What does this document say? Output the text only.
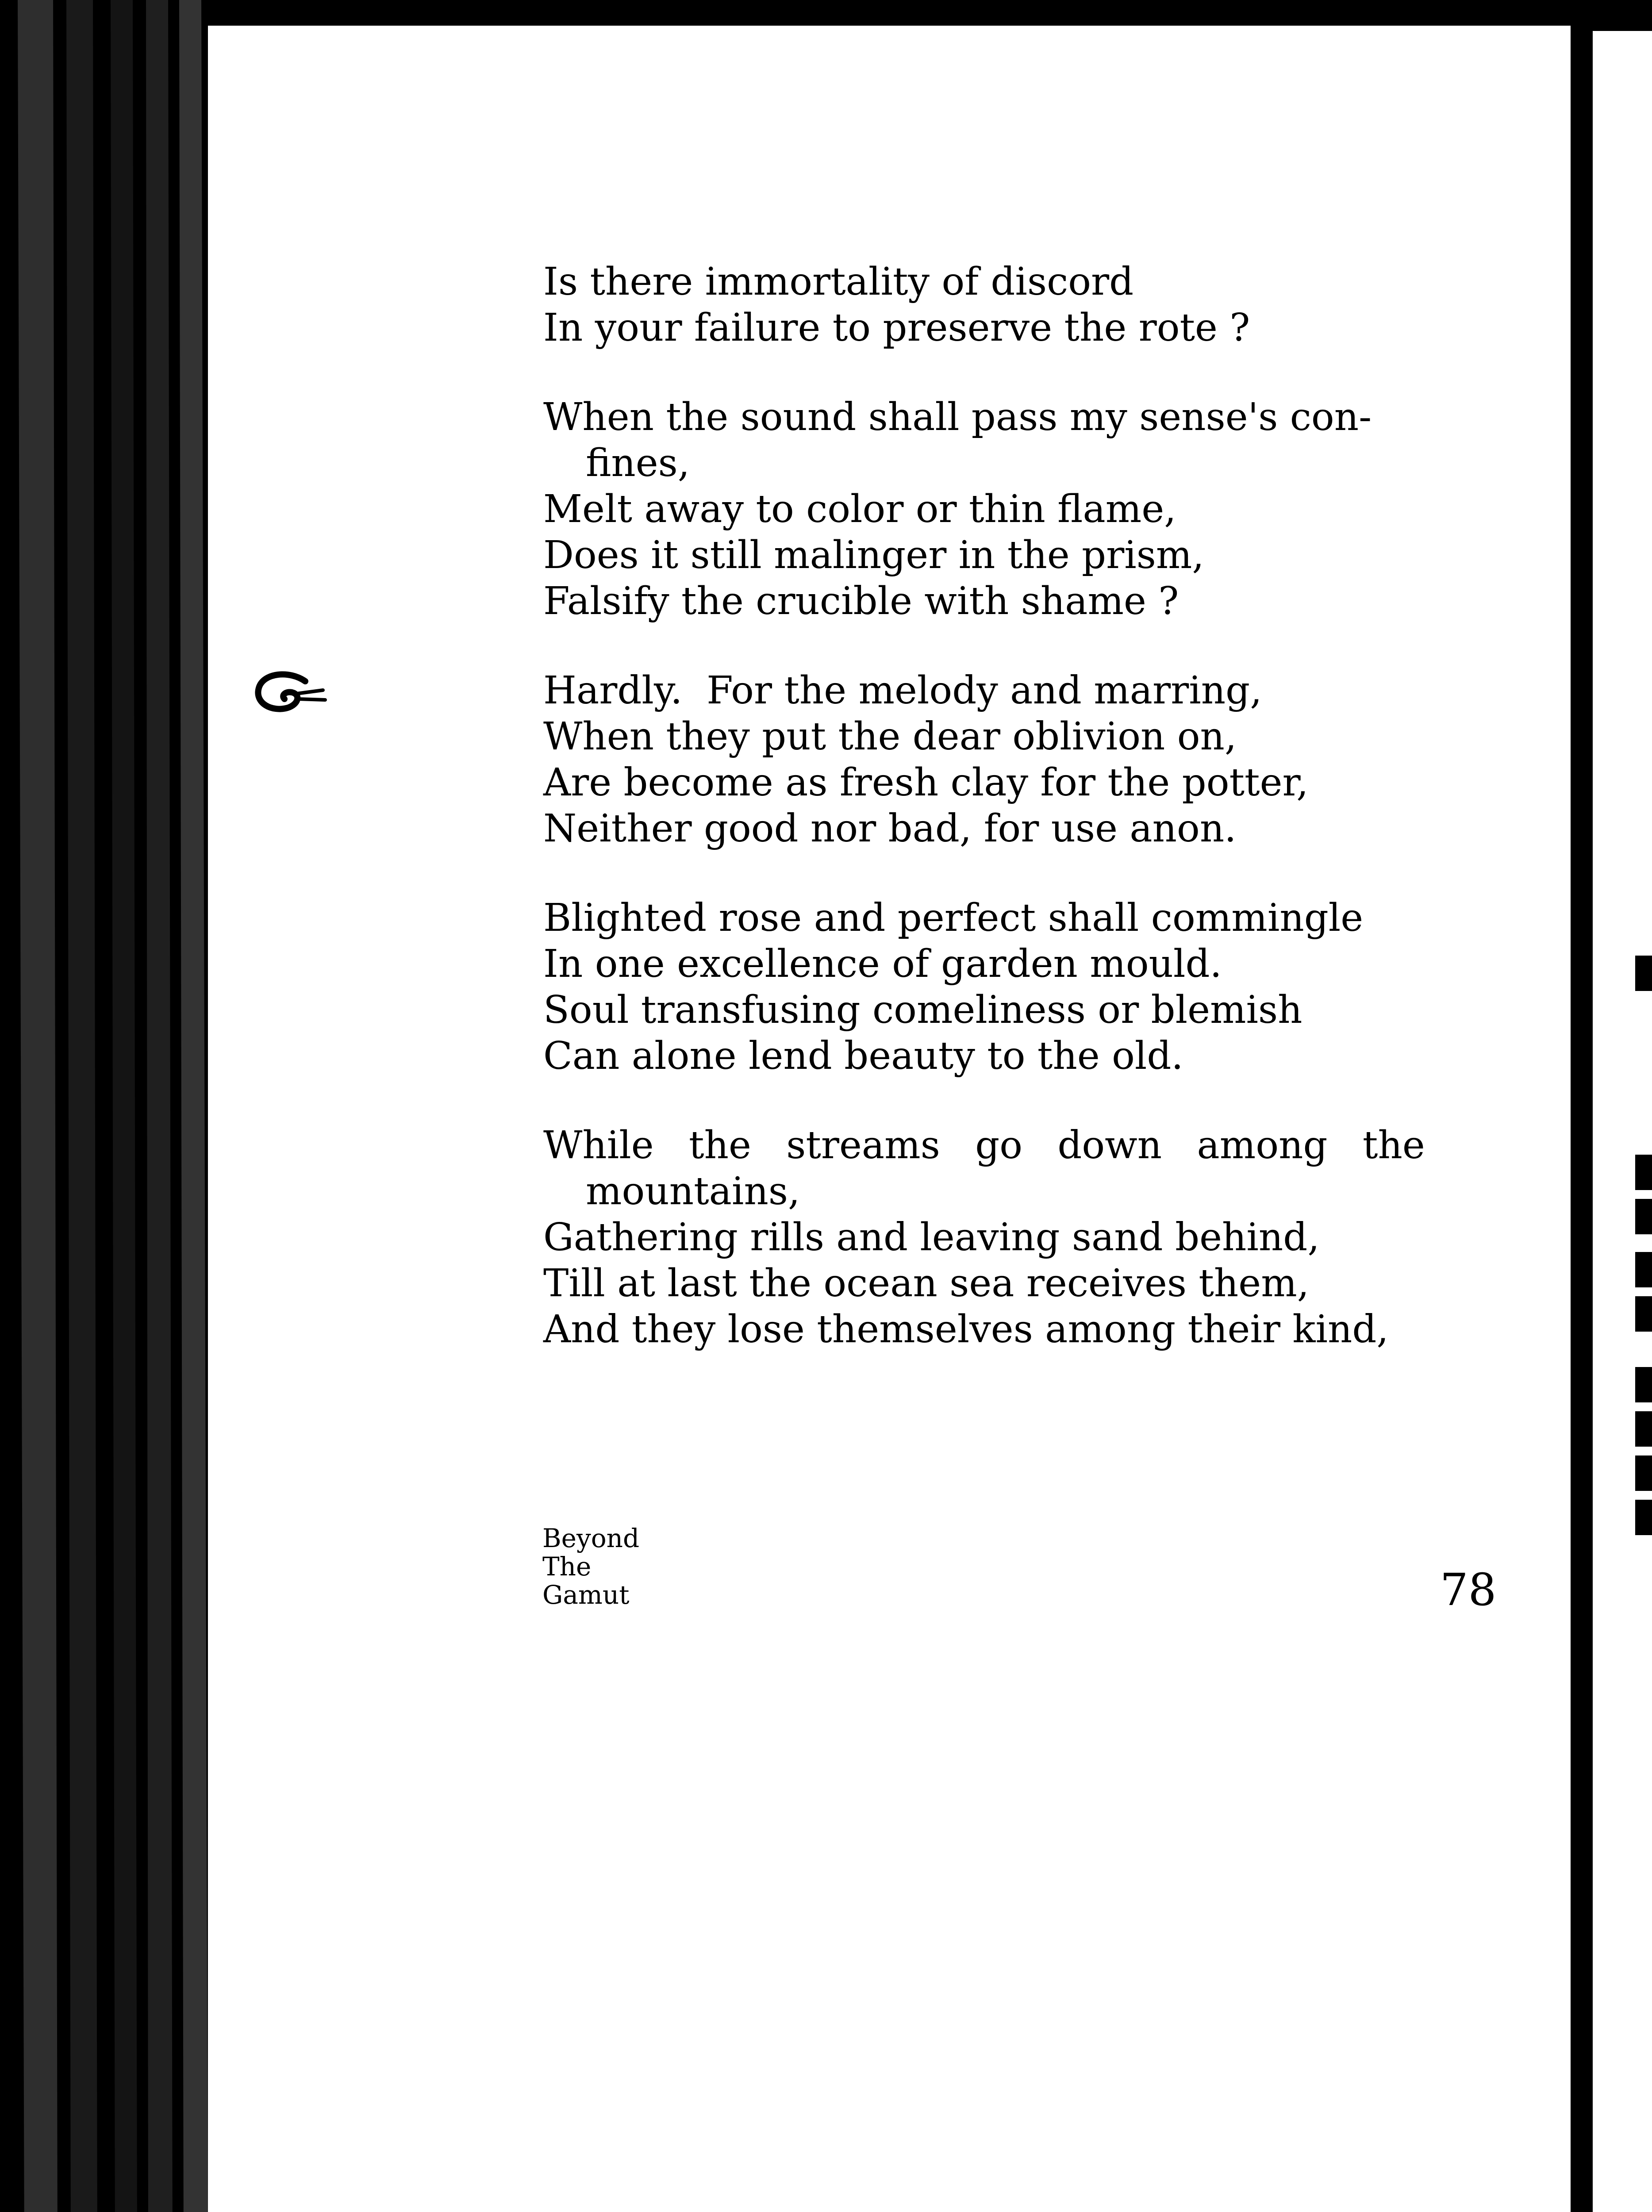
Is there immortality of discord
In your failure to preserve the rote ?
When the sound shall pass my sense's con-
fines,
Melt away to color or thin flame,
Does it still malinger in the prism,
Falsify the crucible with shame ?
Hardly.  For the melody and marring,
When they put the dear oblivion on,
Are become as fresh clay for the potter,
Neither good nor bad, for use anon.
Blighted rose and perfect shall commingle
In one excellence of garden mould.
Soul transfusing comeliness or blemish
Can alone lend beauty to the old.
While the streams go down among the
mountains,
Gathering rills and leaving sand behind,
Till at last the ocean sea receives them,
And they lose themselves among their kind,
Beyond
The
Gamut	78
